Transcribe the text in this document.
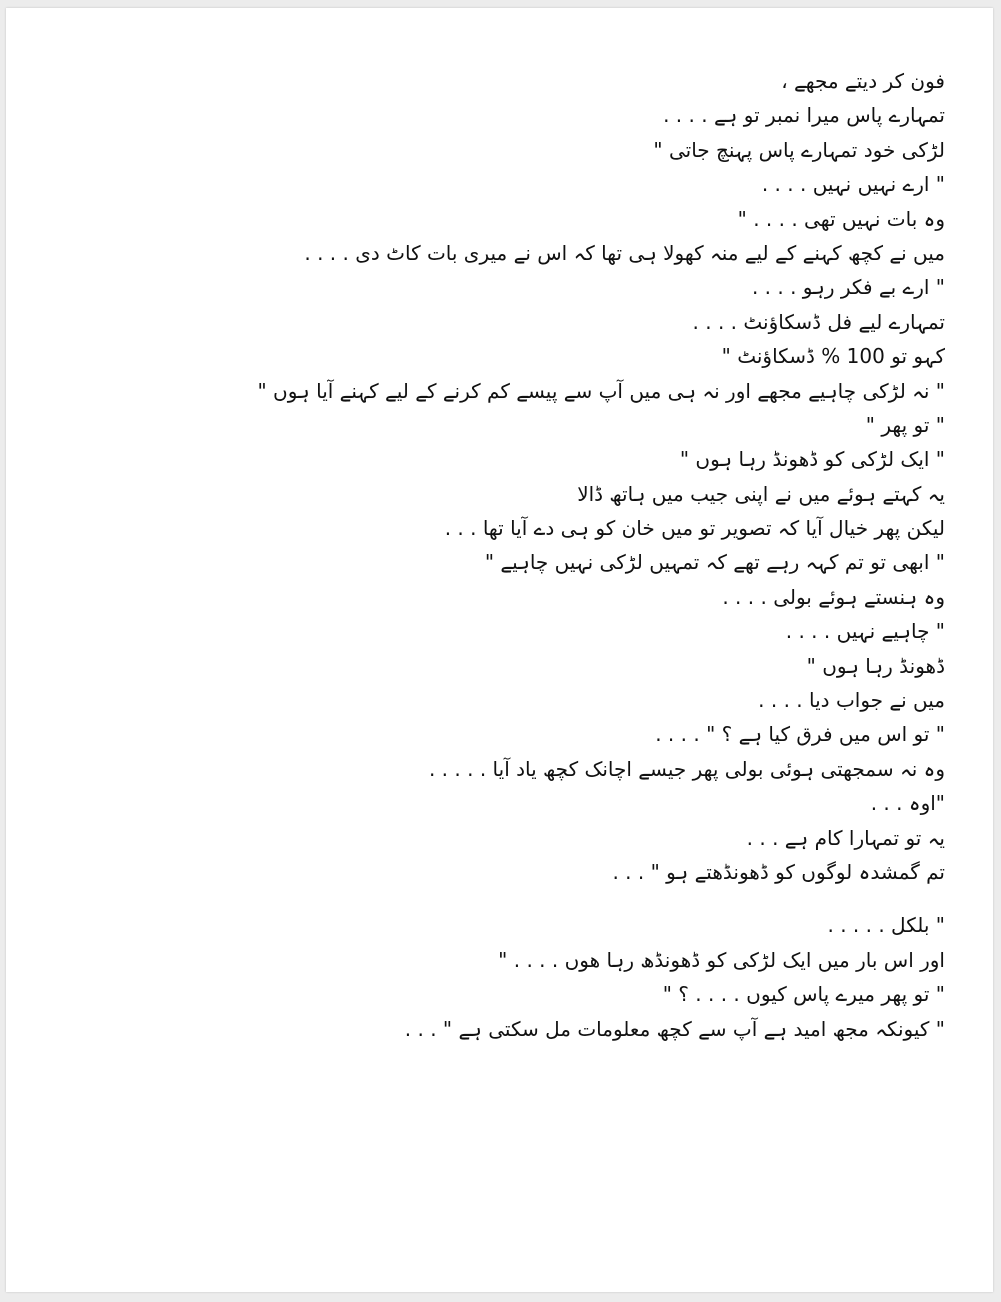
فون کر دیتے مجھے ،
تمہارے پاس میرا نمبر تو ہے . . . .
لڑکی خود تمہارے پاس پہنچ جاتی "
" ارے نہیں نہیں . . . .
وہ بات نہیں تھی . . . . "
میں نے کچھ کہنے کے لیے منہ کھولا ہی تھا کہ اس نے میری بات کاٹ دی . . . .
" ارے بے فکر رہو . . . .
تمہارے لیے فل ڈسکاؤنٹ . . . .
کہو تو 100 % ڈسکاؤنٹ "
" نہ لڑکی چاہیے مجھے اور نہ ہی میں آپ سے پیسے کم کرنے کے لیے کہنے آیا ہوں "
" تو پھر "
" ایک لڑکی کو ڈھونڈ رہا ہوں "
یہ کہتے ہوئے میں نے اپنی جیب میں ہاتھ ڈالا
لیکن پھر خیال آیا کہ تصویر تو میں خان کو ہی دے آیا تھا . . .
" ابھی تو تم کہہ رہے تھے کہ تمہیں لڑکی نہیں چاہیے "
وہ ہنستے ہوئے بولی . . . .
" چاہیے نہیں . . . .
ڈھونڈ رہا ہوں "
میں نے جواب دیا . . . .
" تو اس میں فرق کیا ہے ؟ " . . . .
وہ نہ سمجھتی ہوئی بولی پھر جیسے اچانک کچھ یاد آیا . . . . .
"اوہ . . .
یہ تو تمہارا کام ہے . . .
تم گمشدہ لوگوں کو ڈھونڈھتے ہو " . . .
" بلکل . . . . .
اور اس بار میں ایک لڑکی کو ڈھونڈھ رہا ھوں . . . . "
" تو پھر میرے پاس کیوں . . . . ؟ "
" کیونکہ مجھ امید ہے آپ سے کچھ معلومات مل سکتی ہے " . . .
